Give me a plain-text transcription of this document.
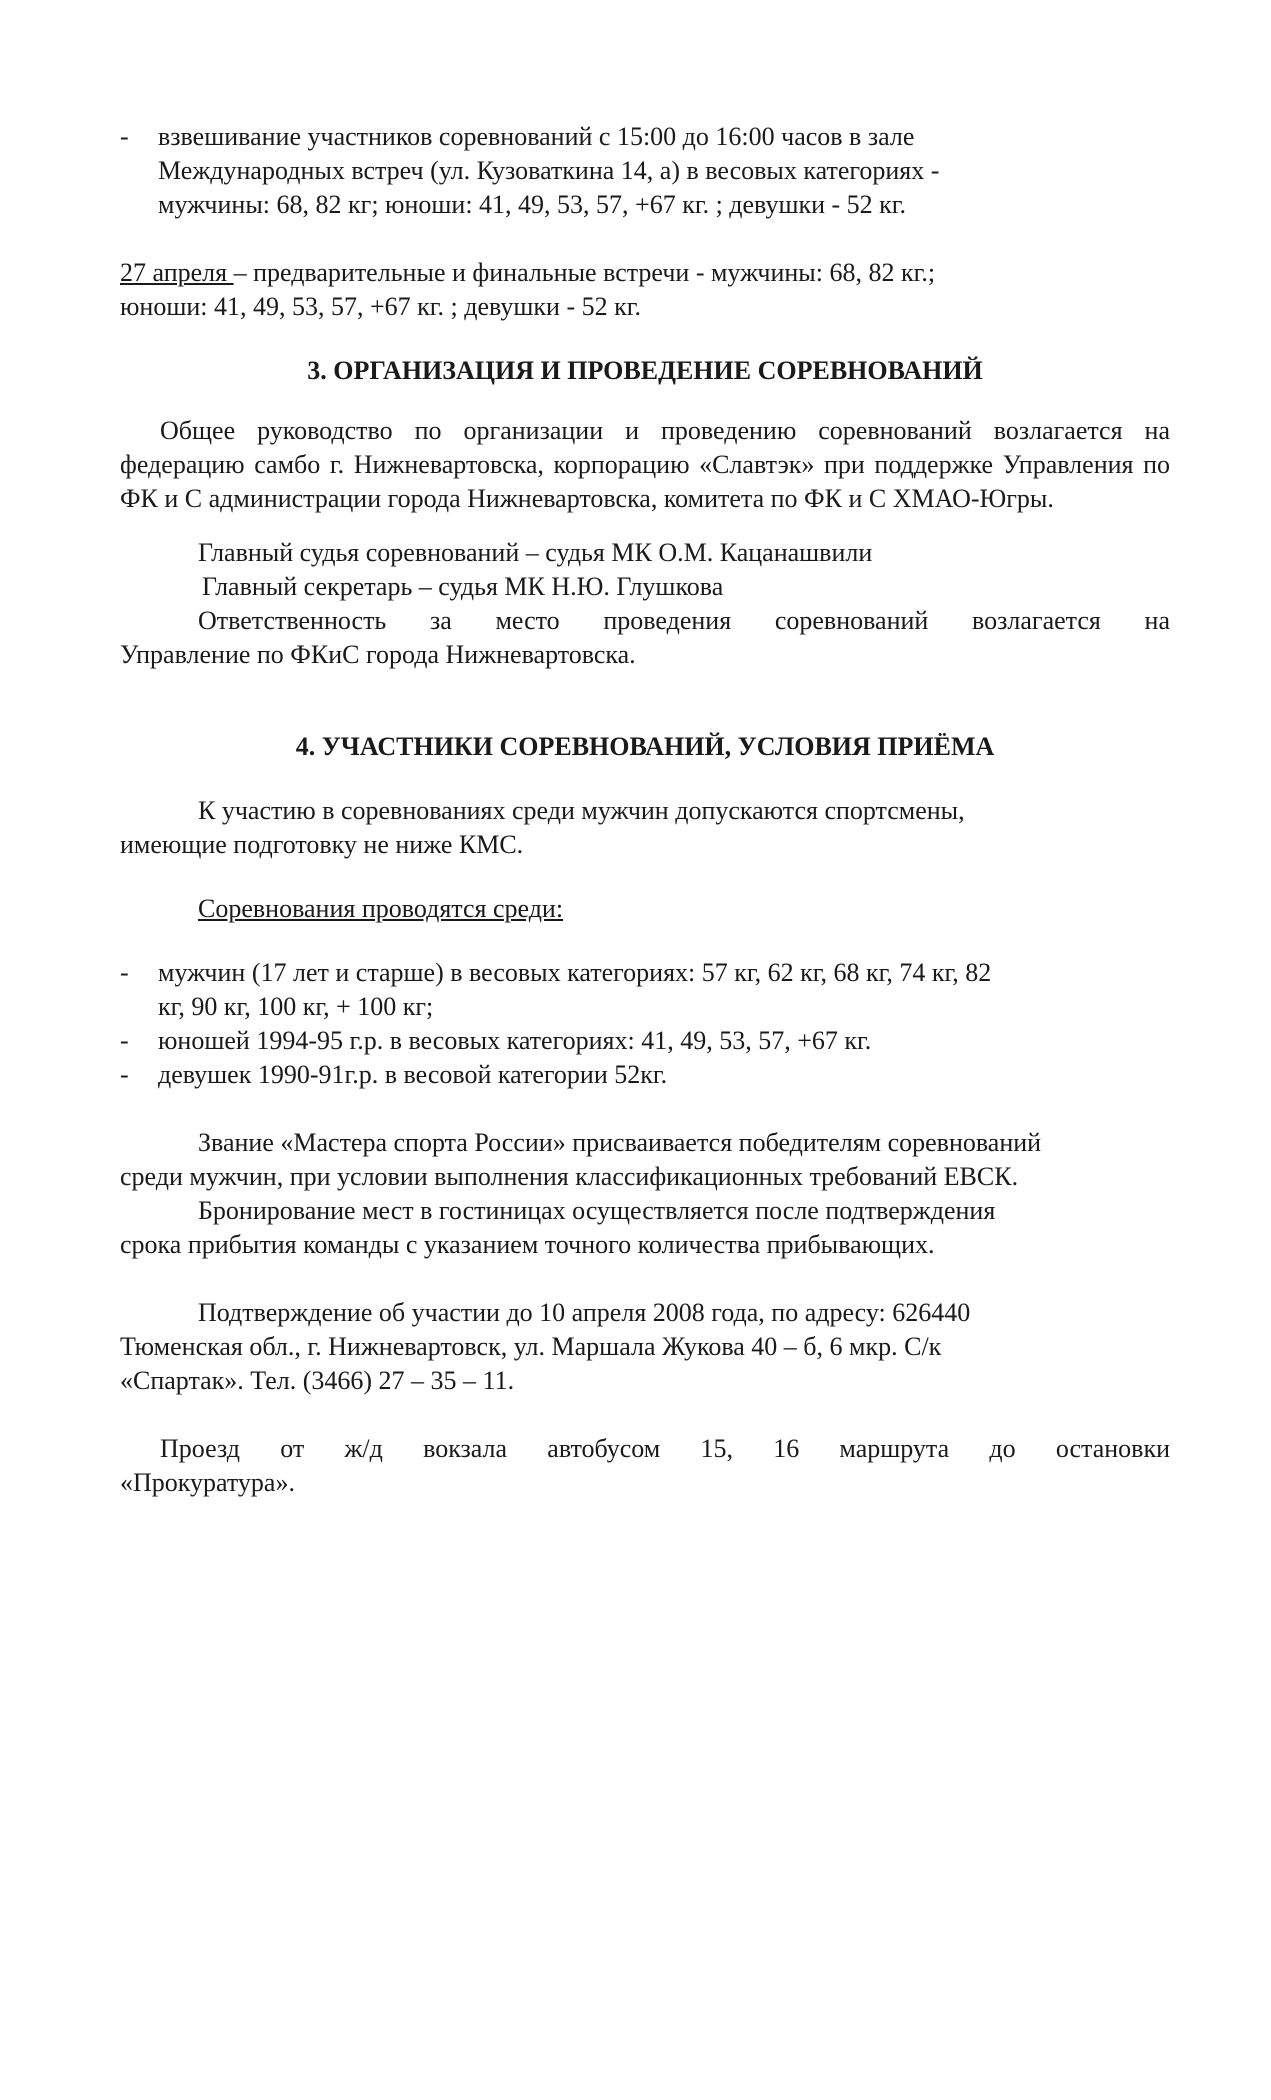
- взвешивание участников соревнований с 15:00 до 16:00 часов в зале
Международных встреч (ул. Кузоваткина 14, а) в весовых категориях -
мужчины: 68, 82 кг; юноши: 41, 49, 53, 57, +67 кг. ; девушки - 52 кг.
27 апреля – предварительные и финальные встречи - мужчины: 68, 82 кг.;
юноши: 41, 49, 53, 57, +67 кг. ; девушки - 52 кг.
3. ОРГАНИЗАЦИЯ И ПРОВЕДЕНИЕ СОРЕВНОВАНИЙ
Общее руководство по организации и проведению соревнований возлагается на федерацию самбо г. Нижневартовска, корпорацию «Славтэк» при поддержке Управления по ФК и С администрации города Нижневартовска, комитета по ФК и С ХМАО-Югры.
Главный судья соревнований – судья МК О.М. Кацанашвили
Главный секретарь – судья МК Н.Ю. Глушкова
Ответственность за место проведения соревнований возлагается на
Управление по ФКиС города Нижневартовска.
4. УЧАСТНИКИ СОРЕВНОВАНИЙ, УСЛОВИЯ ПРИЁМА
К участию в соревнованиях среди мужчин допускаются спортсмены,
имеющие подготовку не ниже КМС.
Соревнования проводятся среди:
- мужчин (17 лет и старше) в весовых категориях: 57 кг, 62 кг, 68 кг, 74 кг, 82
кг, 90 кг, 100 кг, + 100 кг;
- юношей 1994-95 г.р. в весовых категориях: 41, 49, 53, 57, +67 кг.
- девушек 1990-91г.р. в весовой категории 52кг.
Звание «Мастера спорта России» присваивается победителям соревнований
среди мужчин, при условии выполнения классификационных требований ЕВСК.
Бронирование мест в гостиницах осуществляется после подтверждения
срока прибытия команды с указанием точного количества прибывающих.
Подтверждение об участии до 10 апреля 2008 года, по адресу: 626440
Тюменская обл., г. Нижневартовск, ул. Маршала Жукова 40 – б, 6 мкр. С/к
«Спартак». Тел. (3466) 27 – 35 – 11.
Проезд от ж/д вокзала автобусом 15, 16 маршрута до остановки
«Прокуратура».
